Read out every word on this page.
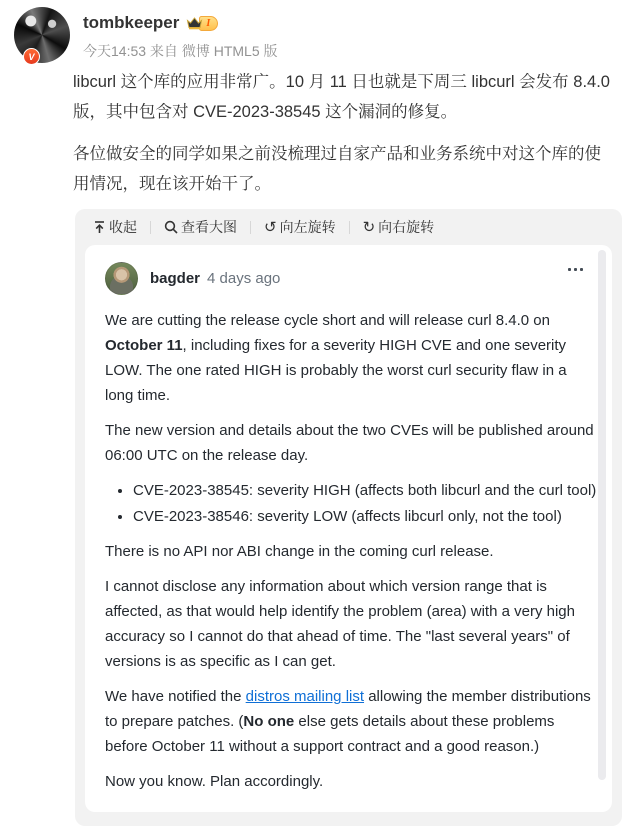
V
tombkeeper	I
今天14:53 来自 微博 HTML5 版

libcurl 这个库的应用非常广。10 月 11 日也就是下周三 libcurl 会发布 8.4.0 版，其中包含对 CVE-2023-38545 这个漏洞的修复。

各位做安全的同学如果之前没梳理过自家产品和业务系统中对这个库的使用情况，现在该开始干了。

收起	查看大图 ↺ 向左旋转 ↻ 向右旋转
bagder 4 days ago

We are cutting the release cycle short and will release curl 8.4.0 on October 11, including fixes for a severity HIGH CVE and one severity LOW. The one rated HIGH is probably the worst curl security flaw in a long time.

The new version and details about the two CVEs will be published around 06:00 UTC on the release day.

• CVE-2023-38545: severity HIGH (affects both libcurl and the curl tool)
• CVE-2023-38546: severity LOW (affects libcurl only, not the tool)

There is no API nor ABI change in the coming curl release.

I cannot disclose any information about which version range that is affected, as that would help identify the problem (area) with a very high accuracy so I cannot do that ahead of time. The "last several years" of versions is as specific as I can get.

We have notified the distros mailing list allowing the member distributions to prepare patches. (No one else gets details about these problems before October 11 without a support contract and a good reason.)

Now you know. Plan accordingly.
